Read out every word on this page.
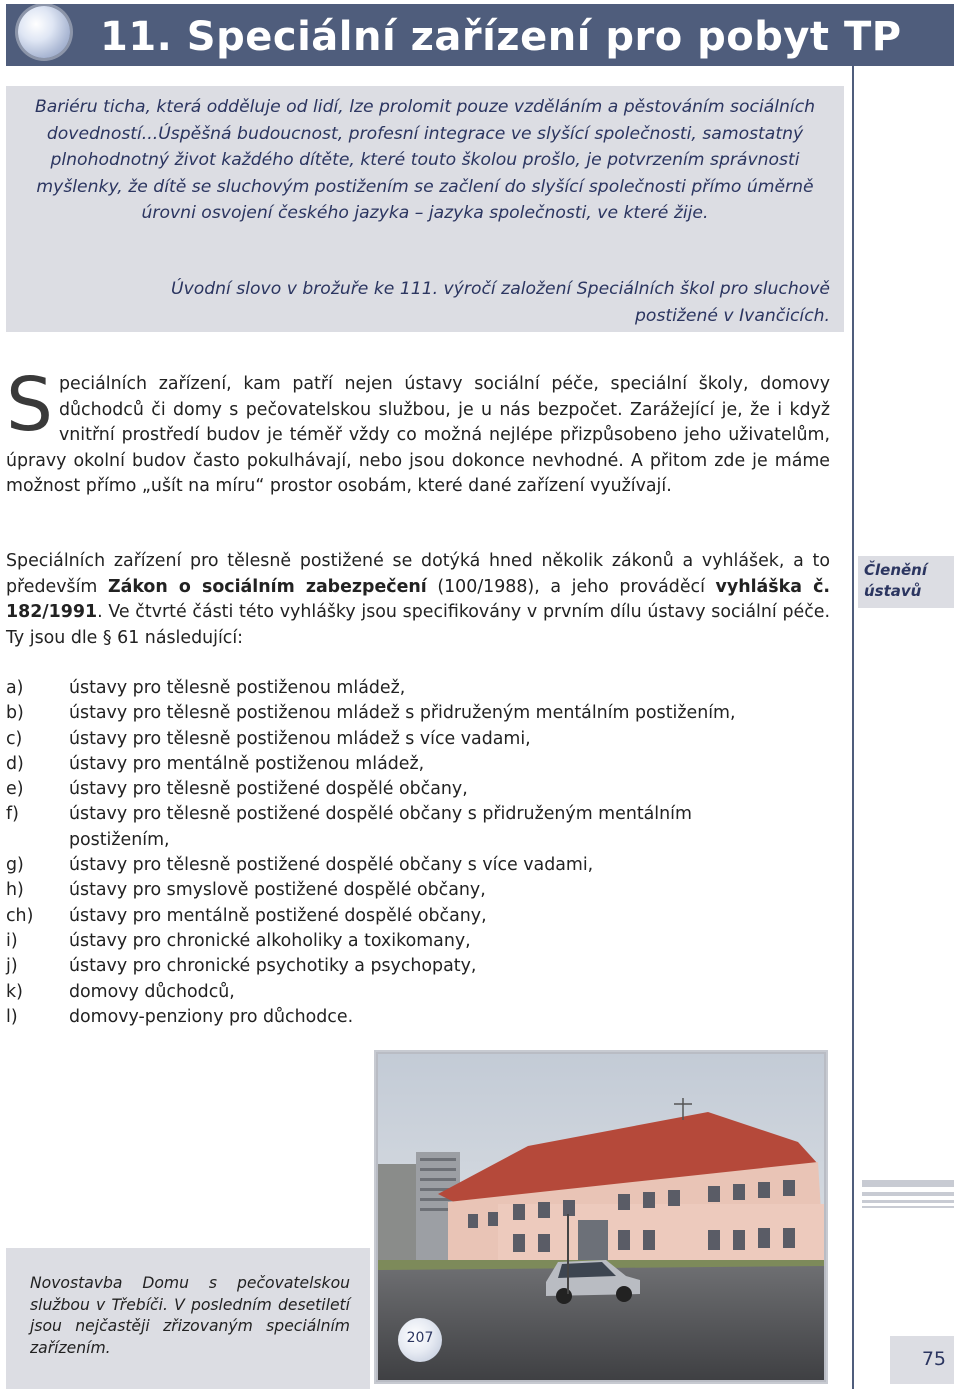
11. Speciální zařízení pro pobyt TP

Bariéru ticha, která odděluje od lidí, lze prolomit pouze vzděláním a pěstováním sociálních dovedností...Úspěšná budoucnost, profesní integrace ve slyšící společnosti, samostatný plnohodnotný život každého dítěte, které touto školou prošlo, je potvrzením správnosti myšlenky, že dítě se sluchovým postižením se začlení do slyšící společnosti přímo úměrně úrovni osvojení českého jazyka – jazyka společnosti, ve které žije.

Úvodní slovo v brožuře ke 111. výročí založení Speciálních škol pro sluchově
postižené v Ivančicích.

Speciálních zařízení, kam patří nejen ústavy sociální péče, speciální školy, domovy důchodců či domy s pečovatelskou službou, je u nás bezpočet. Zarážející je, že i když vnitřní prostředí budov je téměř vždy co možná nejlépe přizpůsobeno jeho uživatelům, úpravy okolní budov často pokulhávají, nebo jsou dokonce nevhodné. A přitom zde je máme možnost přímo „ušít na míru“ prostor osobám, které dané zařízení využívají.

Speciálních zařízení pro tělesně postižené se dotýká hned několik zákonů a vyhlášek, a to především Zákon o sociálním zabezpečení (100/1988), a jeho prováděcí vyhláška č. 182/1991. Ve čtvrté části této vyhlášky jsou specifikovány v prvním dílu ústavy sociální péče. Ty jsou dle § 61 následující:

Členění
ústavů

a)	ústavy pro tělesně postiženou mládež,
b)	ústavy pro tělesně postiženou mládež s přidruženým mentálním postižením,
c)	ústavy pro tělesně postiženou mládež s více vadami,
d)	ústavy pro mentálně postiženou mládež,
e)	ústavy pro tělesně postižené dospělé občany,
f)	ústavy pro tělesně postižené dospělé občany s přidruženým mentálním postižením,
g)	ústavy pro tělesně postižené dospělé občany s více vadami,
h)	ústavy pro smyslově postižené dospělé občany,
ch)	ústavy pro mentálně postižené dospělé občany,
i)	ústavy pro chronické alkoholiky a toxikomany,
j)	ústavy pro chronické psychotiky a psychopaty,
k)	domovy důchodců,
l)	domovy-penziony pro důchodce.

Novostavba Domu s pečovatelskou službou v Třebíči. V posledním desetiletí jsou nejčastěji zřizovaným speciálním zařízením.

207

75
